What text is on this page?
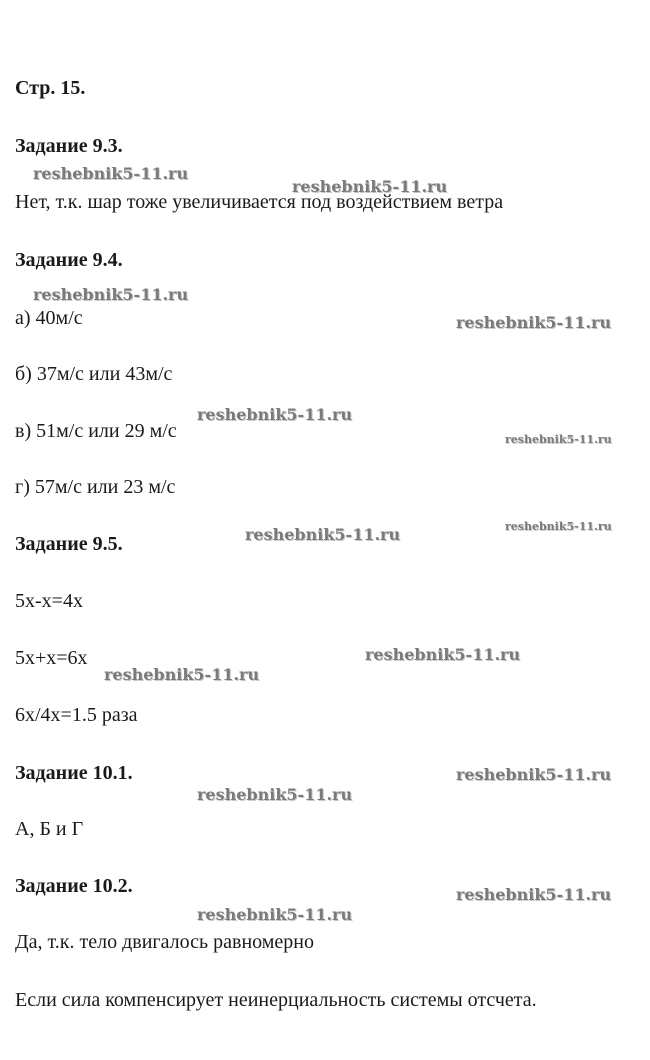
Стр. 15.
Задание 9.3.
Нет, т.к. шар тоже увеличивается под воздействием ветра
Задание 9.4.
а) 40м/с
б) 37м/с или 43м/с
в) 51м/с или 29 м/с
г) 57м/с или 23 м/с
Задание 9.5.
5x-x=4x
5x+x=6x
6x/4x=1.5 раза
Задание 10.1.
А, Б и Г
Задание 10.2.
Да, т.к. тело двигалось равномерно
Если сила компенсирует неинерциальность системы отсчета.
reshebnik5-11.ru
reshebnik5-11.ru
reshebnik5-11.ru
reshebnik5-11.ru
reshebnik5-11.ru
reshebnik5-11.ru
reshebnik5-11.ru
reshebnik5-11.ru
reshebnik5-11.ru
reshebnik5-11.ru
reshebnik5-11.ru
reshebnik5-11.ru
reshebnik5-11.ru
reshebnik5-11.ru
